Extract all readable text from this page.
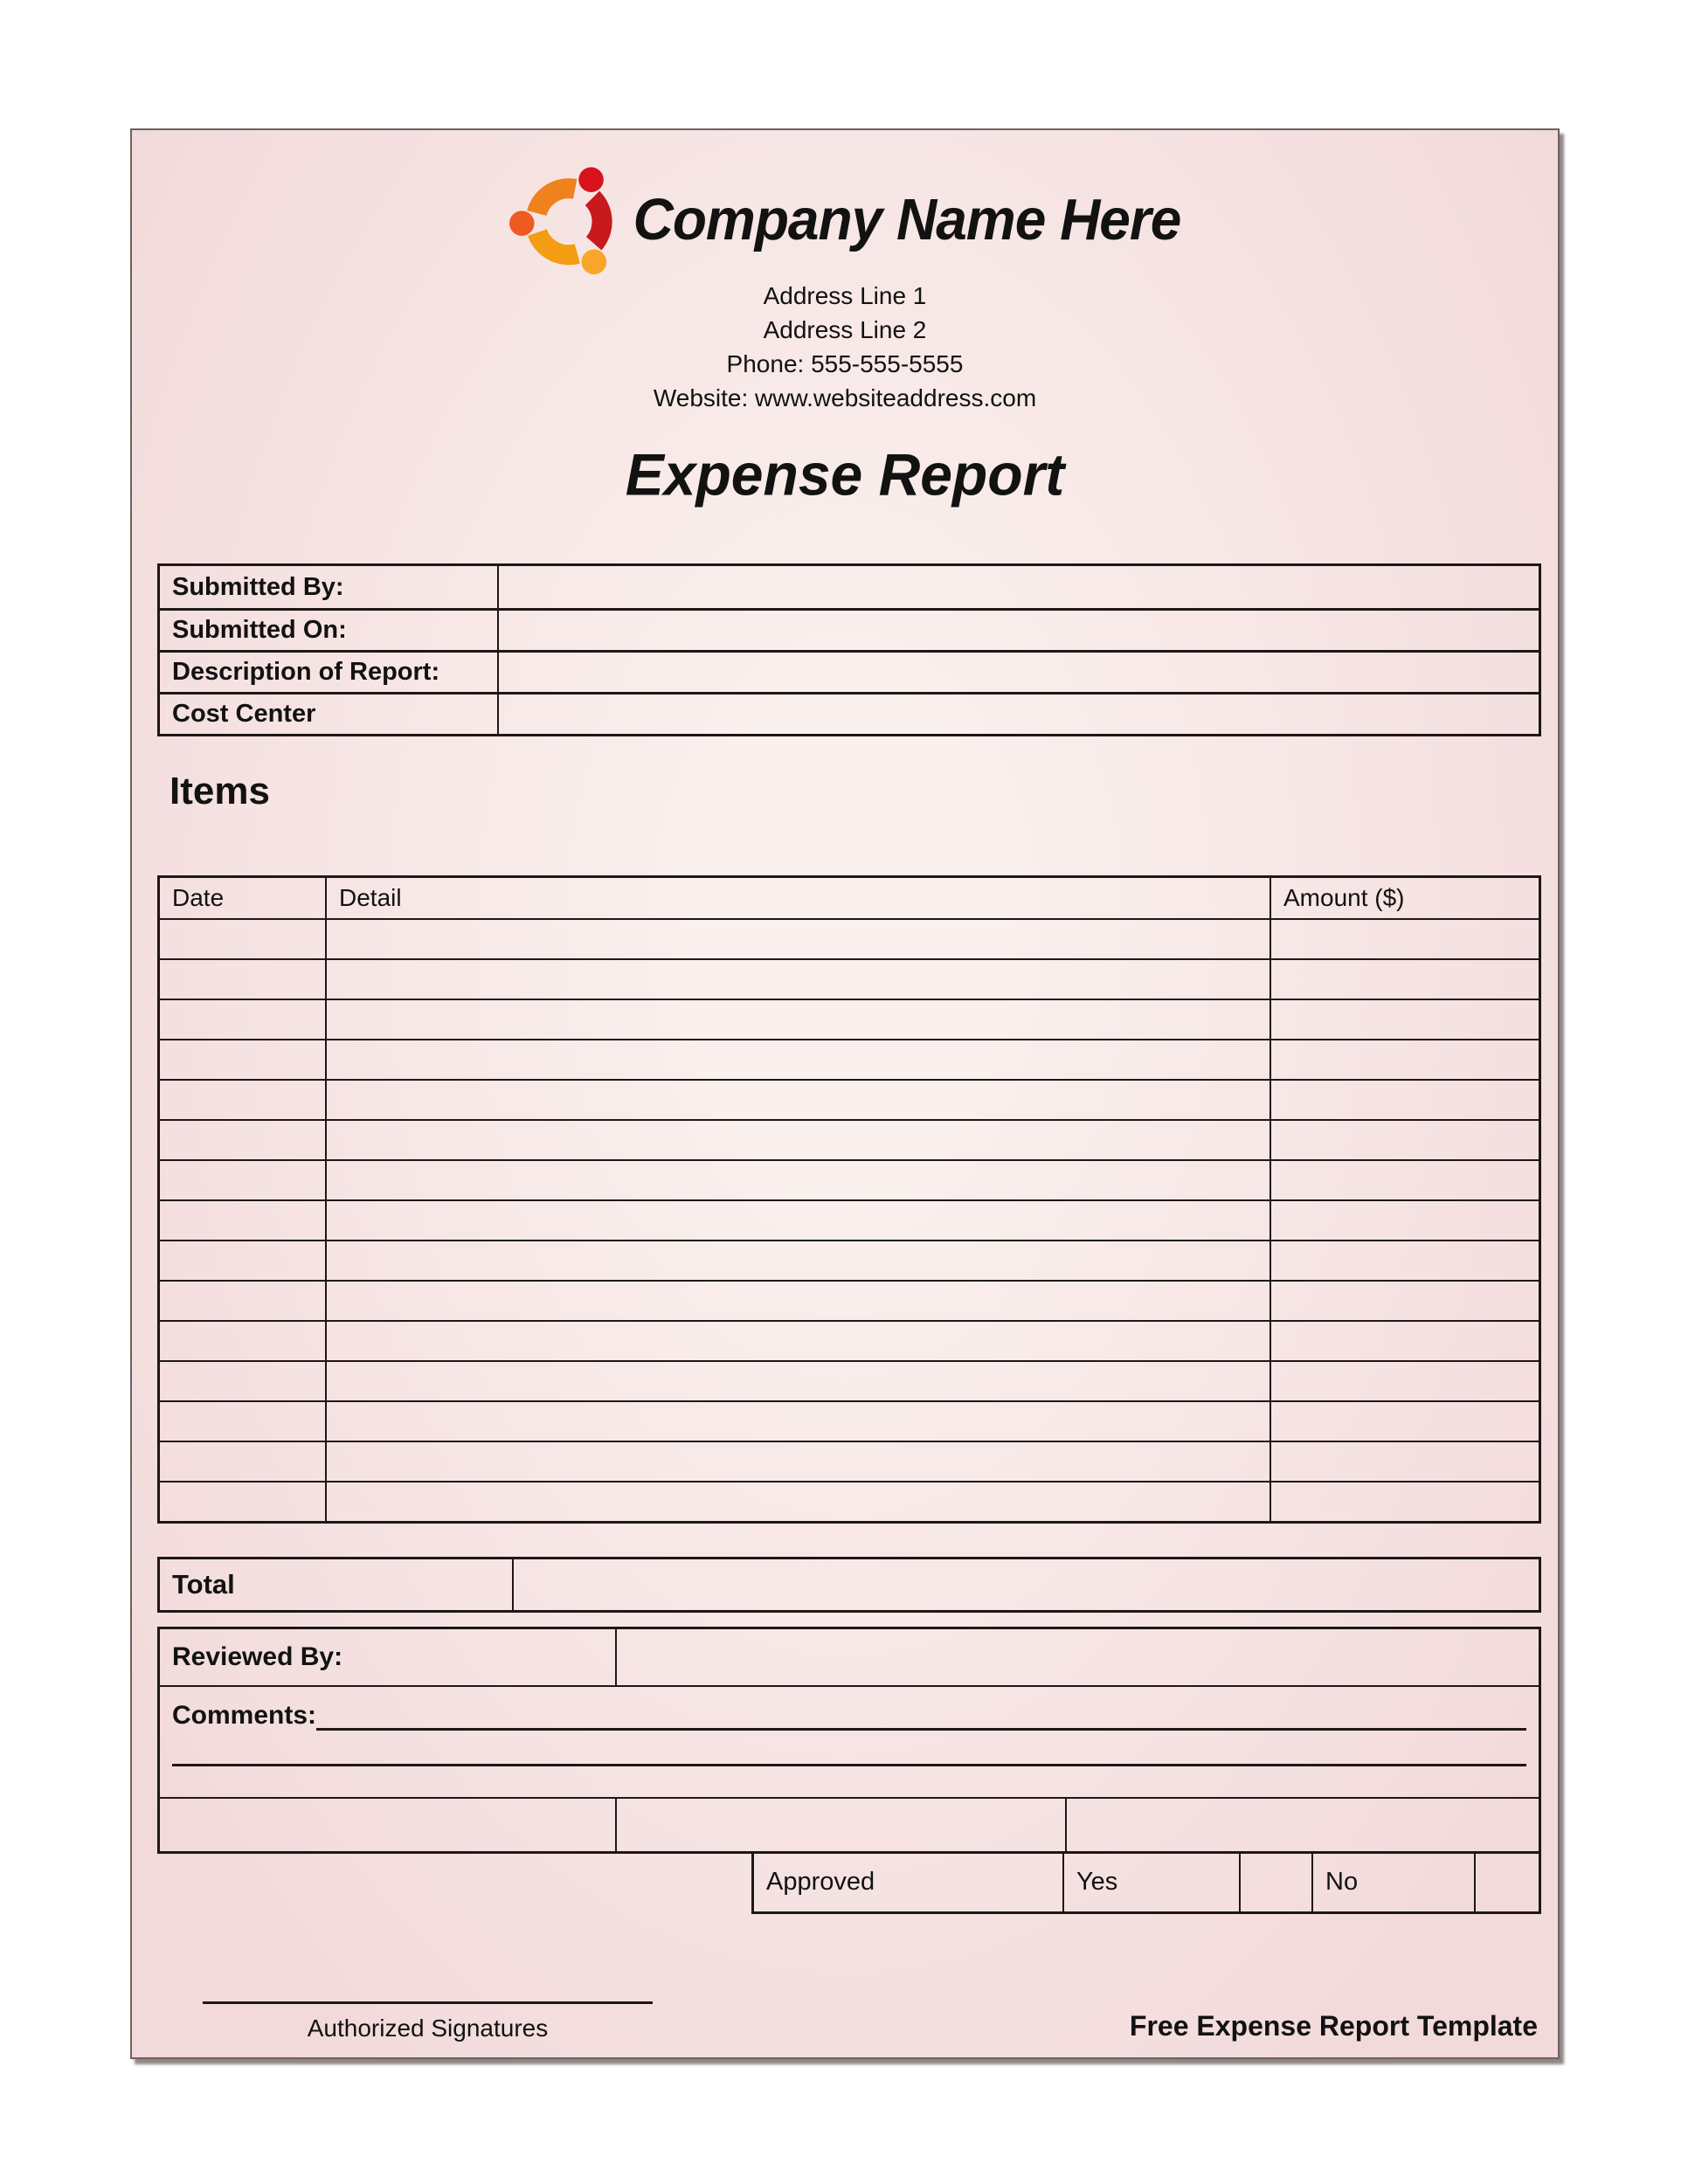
Company Name Here
Address Line 1
Address Line 2
Phone: 555-555-5555
Website: www.websiteaddress.com
Expense Report
Submitted By:
Submitted On:
Description of Report:
Cost Center
Items
Date	Detail	Amount ($)
Total
Reviewed By:
Comments:
Approved	Yes	No
Authorized Signatures	Free Expense Report Template
